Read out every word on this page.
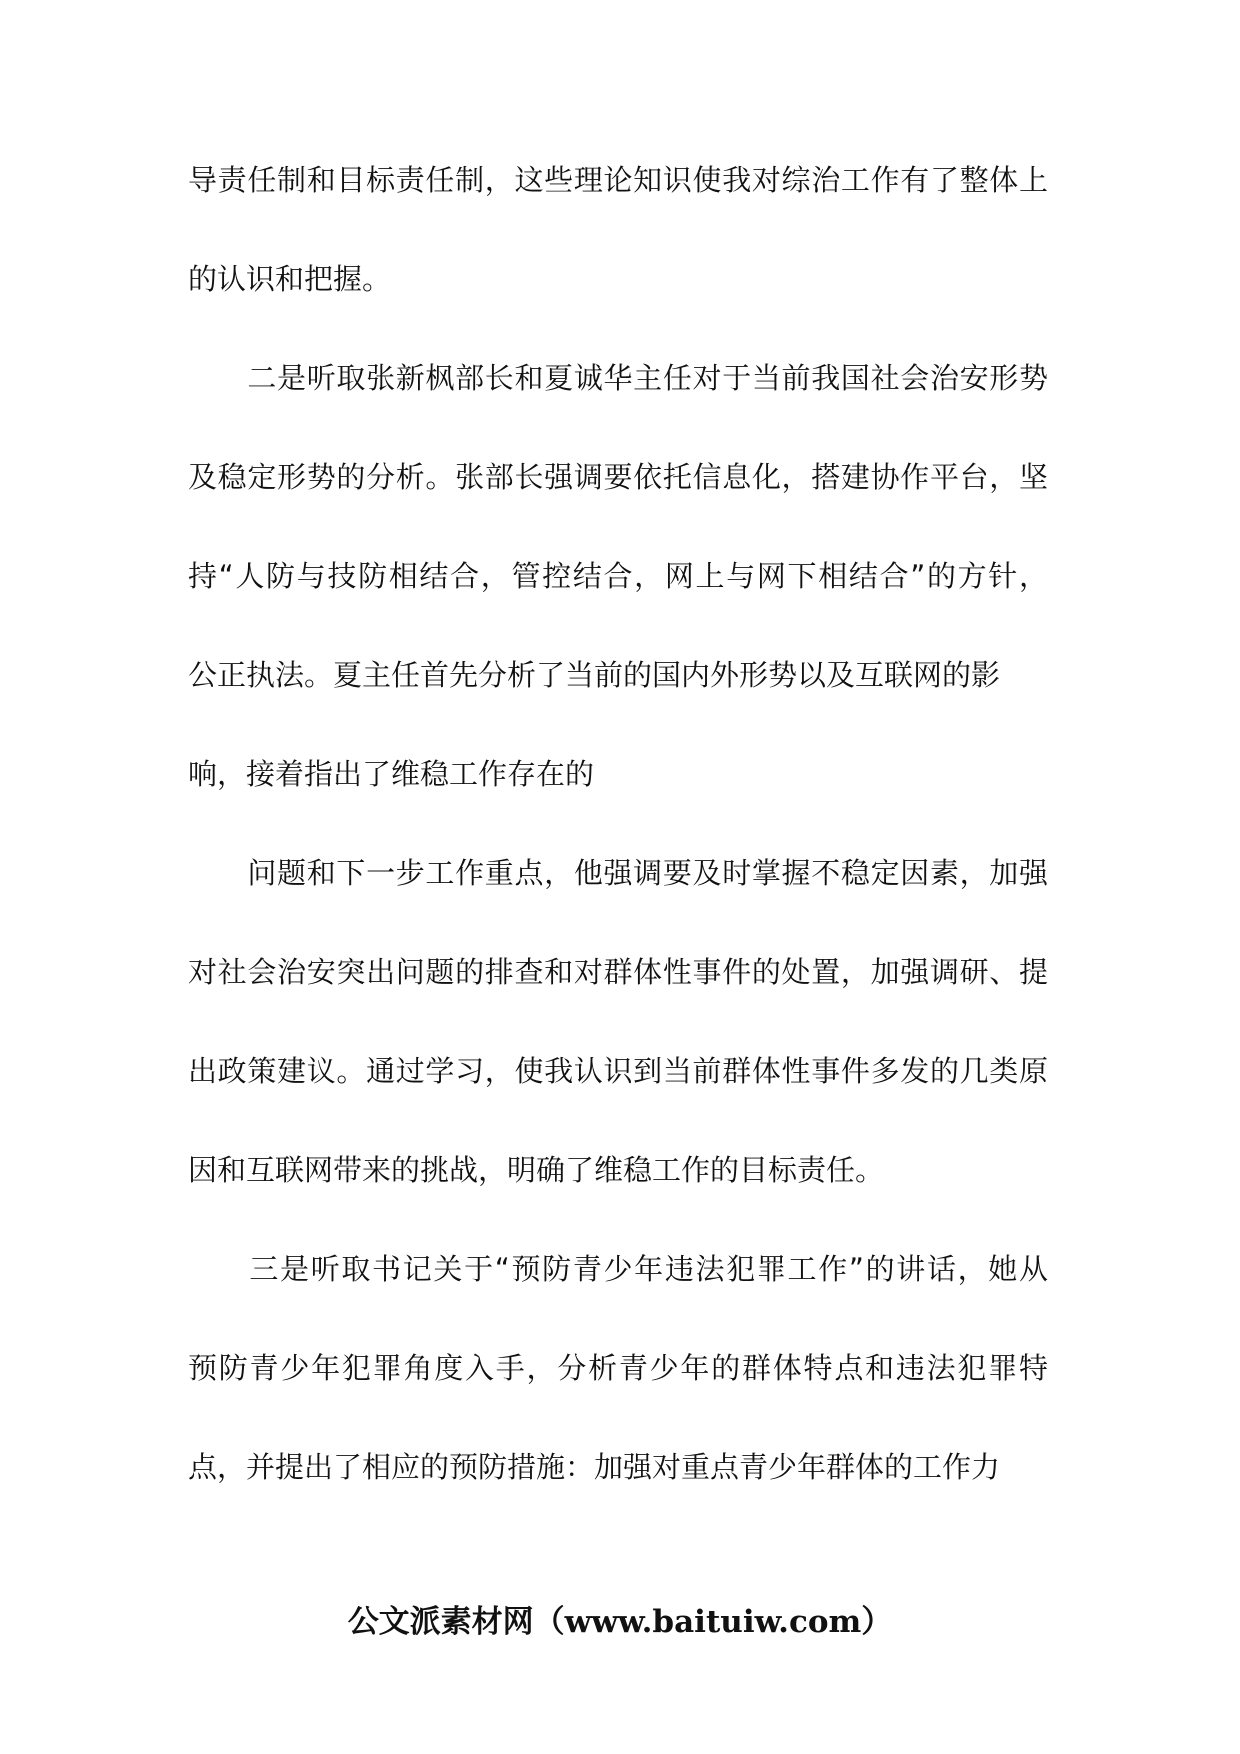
导责任制和目标责任制，这些理论知识使我对综治工作有了整体上
的认识和把握。
　　二是听取张新枫部长和夏诚华主任对于当前我国社会治安形势
及稳定形势的分析。张部长强调要依托信息化，搭建协作平台，坚
持“人防与技防相结合，管控结合，网上与网下相结合”的方针，
公正执法。夏主任首先分析了当前的国内外形势以及互联网的影
响，接着指出了维稳工作存在的
　　问题和下一步工作重点，他强调要及时掌握不稳定因素，加强
对社会治安突出问题的排查和对群体性事件的处置，加强调研、提
出政策建议。通过学习，使我认识到当前群体性事件多发的几类原
因和互联网带来的挑战，明确了维稳工作的目标责任。
　　三是听取书记关于“预防青少年违法犯罪工作”的讲话，她从
预防青少年犯罪角度入手，分析青少年的群体特点和违法犯罪特
点，并提出了相应的预防措施：加强对重点青少年群体的工作力
公文派素材网（www.baituiw.com）
